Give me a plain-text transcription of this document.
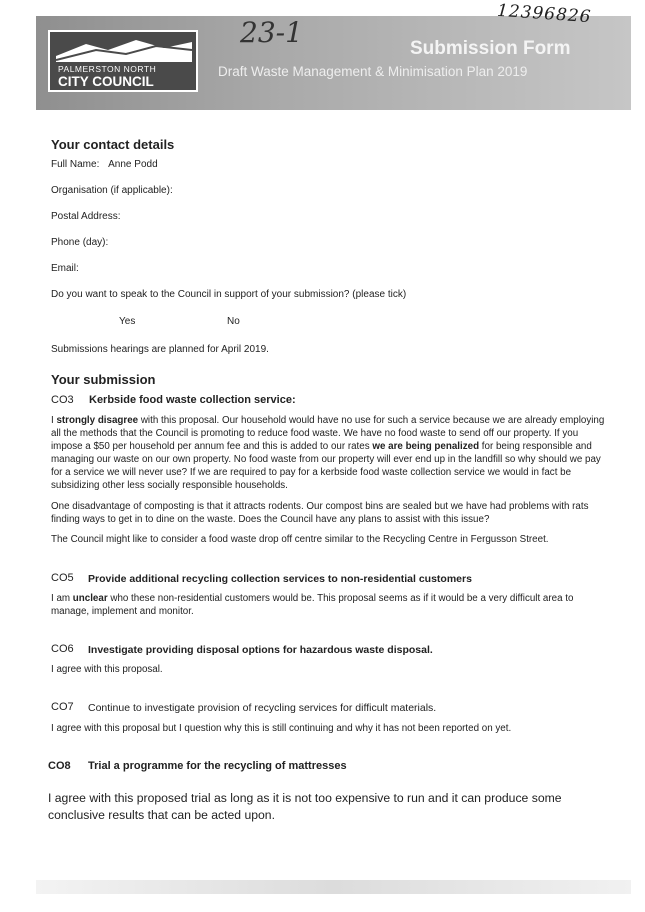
PALMERSTON NORTH
CITY COUNCIL
Submission Form
Draft Waste Management & Minimisation Plan 2019
23-1
12396826
Your contact details
Full Name: Anne Podd
Organisation (if applicable):
Postal Address:
Phone (day):
Email:
Do you want to speak to the Council in support of your submission? (please tick)
Yes	No
Submissions hearings are planned for April 2019.
Your submission
CO3 Kerbside food waste collection service:
I strongly disagree with this proposal. Our household would have no use for such a service because we are already employing all the methods that the Council is promoting to reduce food waste. We have no food waste to send off our property. If you impose a $50 per household per annum fee and this is added to our rates we are being penalized for being responsible and managing our waste on our own property. No food waste from our property will ever end up in the landfill so why should we pay for a service we will never use? If we are required to pay for a kerbside food waste collection service we would in fact be subsidizing other less socially responsible households.
One disadvantage of composting is that it attracts rodents. Our compost bins are sealed but we have had problems with rats finding ways to get in to dine on the waste. Does the Council have any plans to assist with this issue?
The Council might like to consider a food waste drop off centre similar to the Recycling Centre in Fergusson Street.
CO5 Provide additional recycling collection services to non-residential customers
I am unclear who these non-residential customers would be. This proposal seems as if it would be a very difficult area to manage, implement and monitor.
CO6 Investigate providing disposal options for hazardous waste disposal.
I agree with this proposal.
CO7 Continue to investigate provision of recycling services for difficult materials.
I agree with this proposal but I question why this is still continuing and why it has not been reported on yet.
CO8 Trial a programme for the recycling of mattresses
I agree with this proposed trial as long as it is not too expensive to run and it can produce some conclusive results that can be acted upon.
